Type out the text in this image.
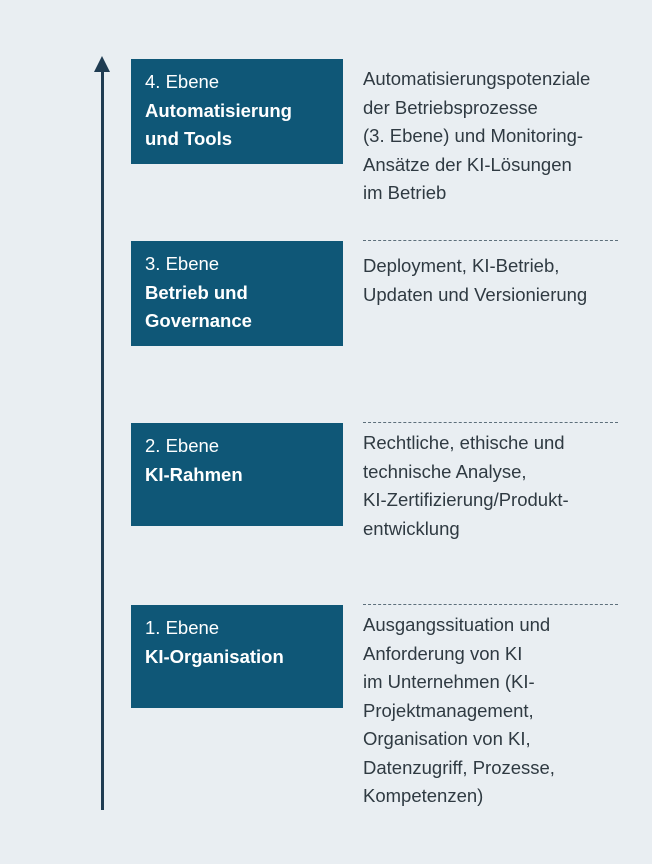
4. Ebene
Automatisierung
und Tools
Automatisierungspotenziale
der Betriebsprozesse
(3. Ebene) und Monitoring-
Ansätze der KI-Lösungen
im Betrieb
3. Ebene
Betrieb und
Governance
Deployment, KI-Betrieb,
Updaten und Versionierung
2. Ebene
KI-Rahmen
Rechtliche, ethische und
technische Analyse,
KI-Zertifizierung/Produkt-
entwicklung
1. Ebene
KI-Organisation
Ausgangssituation und
Anforderung von KI
im Unternehmen (KI-
Projektmanagement,
Organisation von KI,
Datenzugriff, Prozesse,
Kompetenzen)
